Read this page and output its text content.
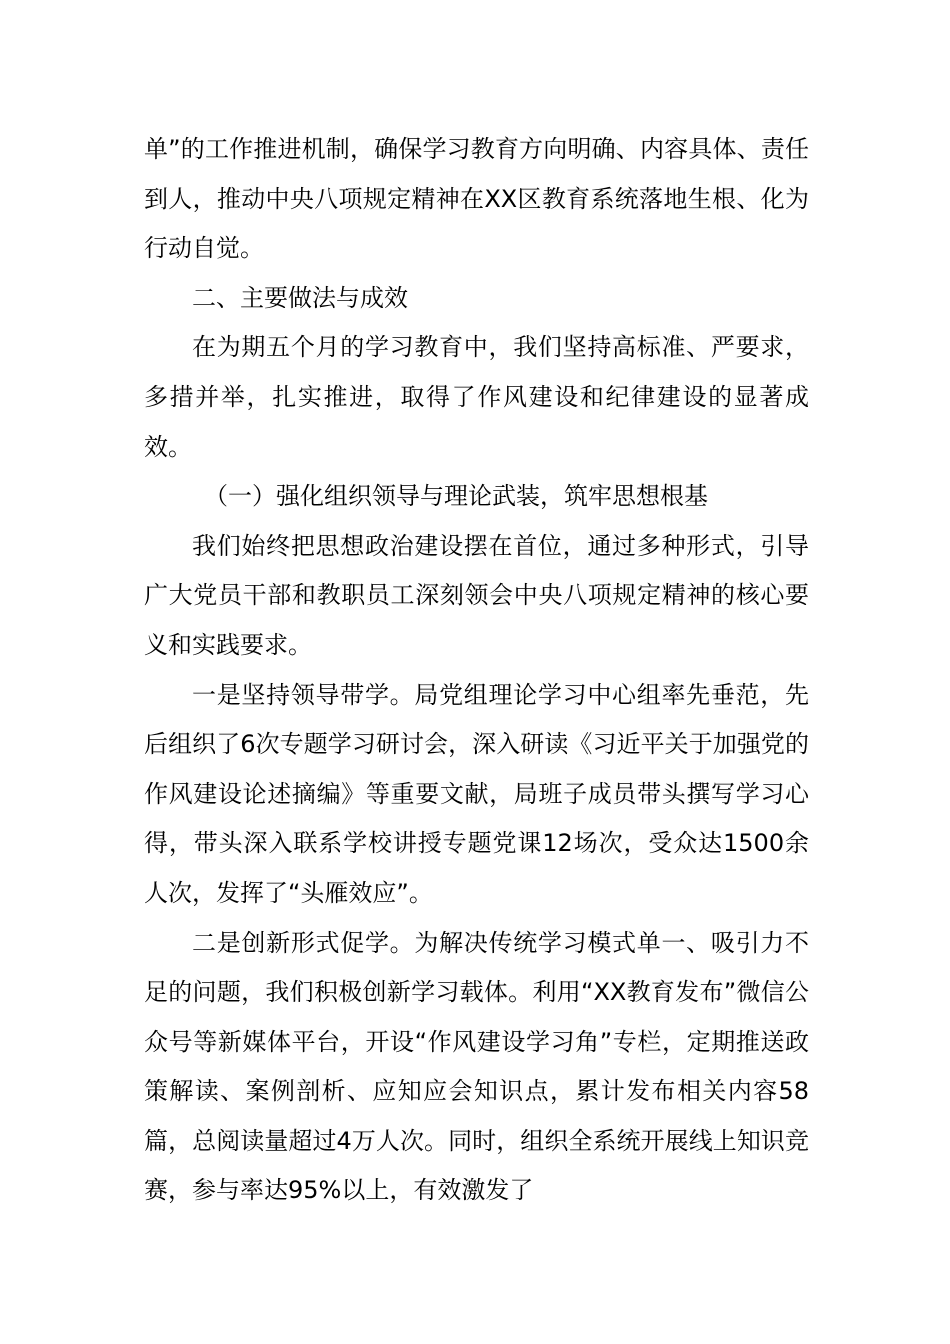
单”的工作推进机制，确保学习教育方向明确、内容具体、责任到人，推动中央八项规定精神在XX区教育系统落地生根、化为行动自觉。

二、主要做法与成效

在为期五个月的学习教育中，我们坚持高标准、严要求，多措并举，扎实推进，取得了作风建设和纪律建设的显著成效。

（一）强化组织领导与理论武装，筑牢思想根基

我们始终把思想政治建设摆在首位，通过多种形式，引导广大党员干部和教职员工深刻领会中央八项规定精神的核心要义和实践要求。

一是坚持领导带学。局党组理论学习中心组率先垂范，先后组织了6次专题学习研讨会，深入研读《习近平关于加强党的作风建设论述摘编》等重要文献，局班子成员带头撰写学习心得，带头深入联系学校讲授专题党课12场次，受众达1500余人次，发挥了“头雁效应”。

二是创新形式促学。为解决传统学习模式单一、吸引力不足的问题，我们积极创新学习载体。利用“XX教育发布”微信公众号等新媒体平台，开设“作风建设学习角”专栏，定期推送政策解读、案例剖析、应知应会知识点，累计发布相关内容58篇，总阅读量超过4万人次。同时，组织全系统开展线上知识竞赛，参与率达95%以上，有效激发了
